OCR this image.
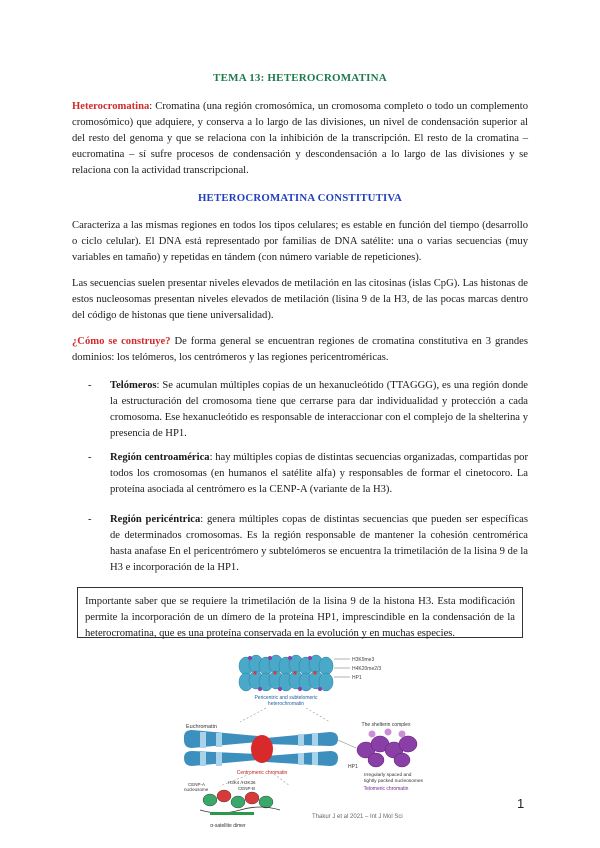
TEMA 13: HETEROCROMATINA

Heterocromatina: Cromatina (una región cromosómica, un cromosoma completo o todo un complemento cromosómico) que adquiere, y conserva a lo largo de las divisiones, un nivel de condensación superior al del resto del genoma y que se relaciona con la inhibición de la transcripción. El resto de la cromatina – eucromatina – sí sufre procesos de condensación y descondensación a lo largo de las divisiones y se relaciona con la actividad transcripcional.

HETEROCROMATINA CONSTITUTIVA

Caracteriza a las mismas regiones en todos los tipos celulares; es estable en función del tiempo (desarrollo o ciclo celular). El DNA está representado por familias de DNA satélite: una o varias secuencias (muy variables en tamaño) y repetidas en tándem (con número variable de repeticiones).

Las secuencias suelen presentar niveles elevados de metilación en las citosinas (islas CpG). Las histonas de estos nucleosomas presentan niveles elevados de metilación (lisina 9 de la H3, de las pocas marcas dentro del código de histonas que tiene universalidad).

¿Cómo se construye? De forma general se encuentran regiones de cromatina constitutiva en 3 grandes dominios: los telómeros, los centrómeros y las regiones pericentroméricas.

- Telómeros: Se acumulan múltiples copias de un hexanucleótido (TTAGGG), es una región donde la estructuración del cromosoma tiene que cerrarse para dar individualidad y protección a cada cromosoma. Ese hexanucleótido es responsable de interaccionar con el complejo de la shelterina y presencia de HP1.
- Región centroamérica: hay múltiples copias de distintas secuencias organizadas, compartidas por todos los cromosomas (en humanos el satélite alfa) y responsables de formar el cinetocoro. La proteína asociada al centrómero es la CENP-A (variante de la H3).
- Región pericéntrica: genera múltiples copas de distintas secuencias que pueden ser específicas de determinados cromosomas. Es la región responsable de mantener la cohesión centromérica hasta anafase En el pericentrómero y subtelómeros se encuentra la trimetilación de la lisina 9 de la H3 e incorporación de la HP1.
Importante saber que se requiere la trimetilación de la lisina 9 de la histona H3. Esta modificación permite la incorporación de un dímero de la proteína HP1, imprescindible en la condensación de la heterocromatina, que es una proteína conservada en la evolución y en muchas especies.
H3K9me3
H4K20me2/3
HP1
Pericentric and subtelomeric
heterochromatin
Euchromatin
Centromeric chromatin
The shelterin complex
HP1
Irregularly spaced and
tightly packed nucleosomes
Telomeric chromatin
CENP-A
nucleosome
H3K4 /H3K36
CENP-B
α-satellite dimer
Thakur J et al 2021 – Int J Mol Sci
1
